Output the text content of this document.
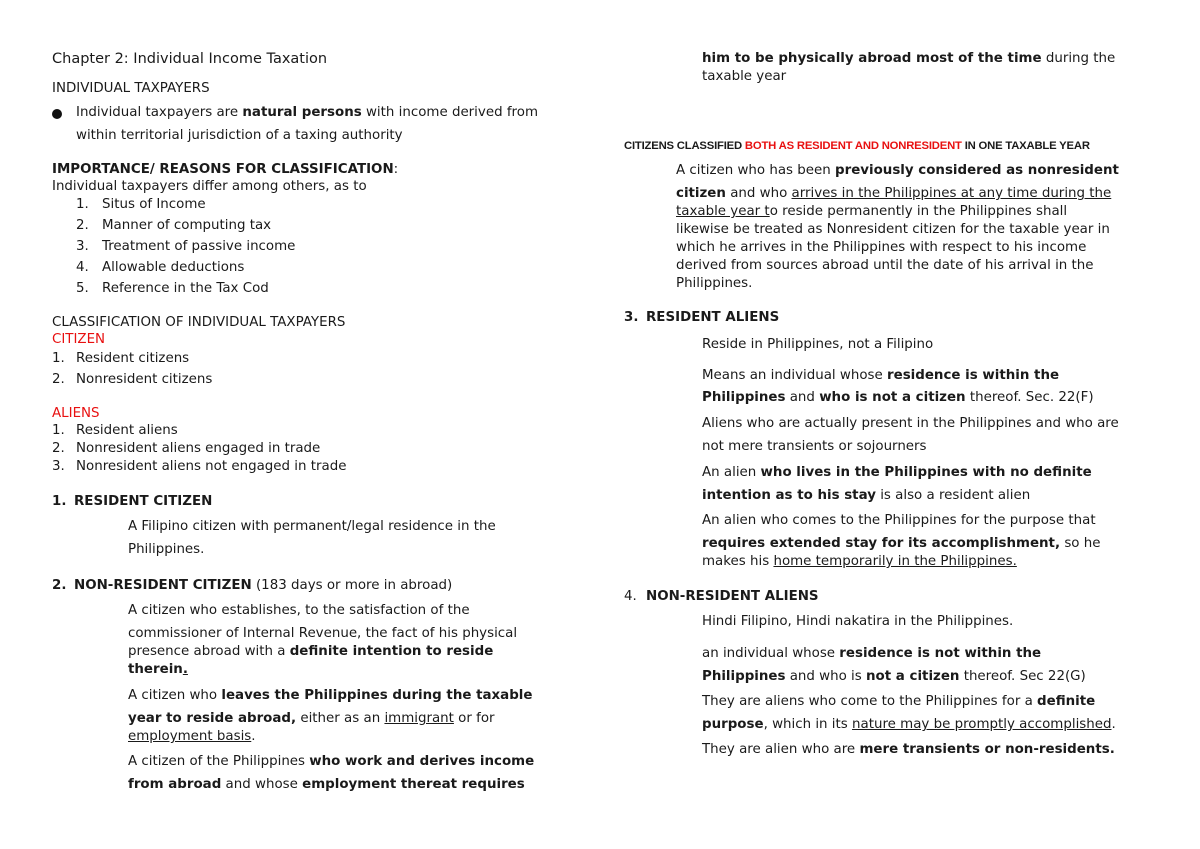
Chapter 2: Individual Income Taxation
INDIVIDUAL TAXPAYERS
Individual taxpayers are natural persons with income derived from
within territorial jurisdiction of a taxing authority
IMPORTANCE/ REASONS FOR CLASSIFICATION:
Individual taxpayers differ among others, as to
1. Situs of Income
2. Manner of computing tax
3. Treatment of passive income
4. Allowable deductions
5. Reference in the Tax Cod
CLASSIFICATION OF INDIVIDUAL TAXPAYERS
CITIZEN
1. Resident citizens
2. Nonresident citizens
ALIENS
1. Resident aliens
2. Nonresident aliens engaged in trade
3. Nonresident aliens not engaged in trade
1. RESIDENT CITIZEN
A Filipino citizen with permanent/legal residence in the
Philippines.
2. NON-RESIDENT CITIZEN (183 days or more in abroad)
A citizen who establishes, to the satisfaction of the
commissioner of Internal Revenue, the fact of his physical
presence abroad with a definite intention to reside
therein.
A citizen who leaves the Philippines during the taxable
year to reside abroad, either as an immigrant or for
employment basis.
A citizen of the Philippines who work and derives income
from abroad and whose employment thereat requires
him to be physically abroad most of the time during the
taxable year
CITIZENS CLASSIFIED BOTH AS RESIDENT AND NONRESIDENT IN ONE TAXABLE YEAR
A citizen who has been previously considered as nonresident
citizen and who arrives in the Philippines at any time during the
taxable year to reside permanently in the Philippines shall
likewise be treated as Nonresident citizen for the taxable year in
which he arrives in the Philippines with respect to his income
derived from sources abroad until the date of his arrival in the
Philippines.
3. RESIDENT ALIENS
Reside in Philippines, not a Filipino
Means an individual whose residence is within the
Philippines and who is not a citizen thereof. Sec. 22(F)
Aliens who are actually present in the Philippines and who are
not mere transients or sojourners
An alien who lives in the Philippines with no definite
intention as to his stay is also a resident alien
An alien who comes to the Philippines for the purpose that
requires extended stay for its accomplishment, so he
makes his home temporarily in the Philippines.
4. NON-RESIDENT ALIENS
Hindi Filipino, Hindi nakatira in the Philippines.
an individual whose residence is not within the
Philippines and who is not a citizen thereof. Sec 22(G)
They are aliens who come to the Philippines for a definite
purpose, which in its nature may be promptly accomplished.
They are alien who are mere transients or non-residents.
